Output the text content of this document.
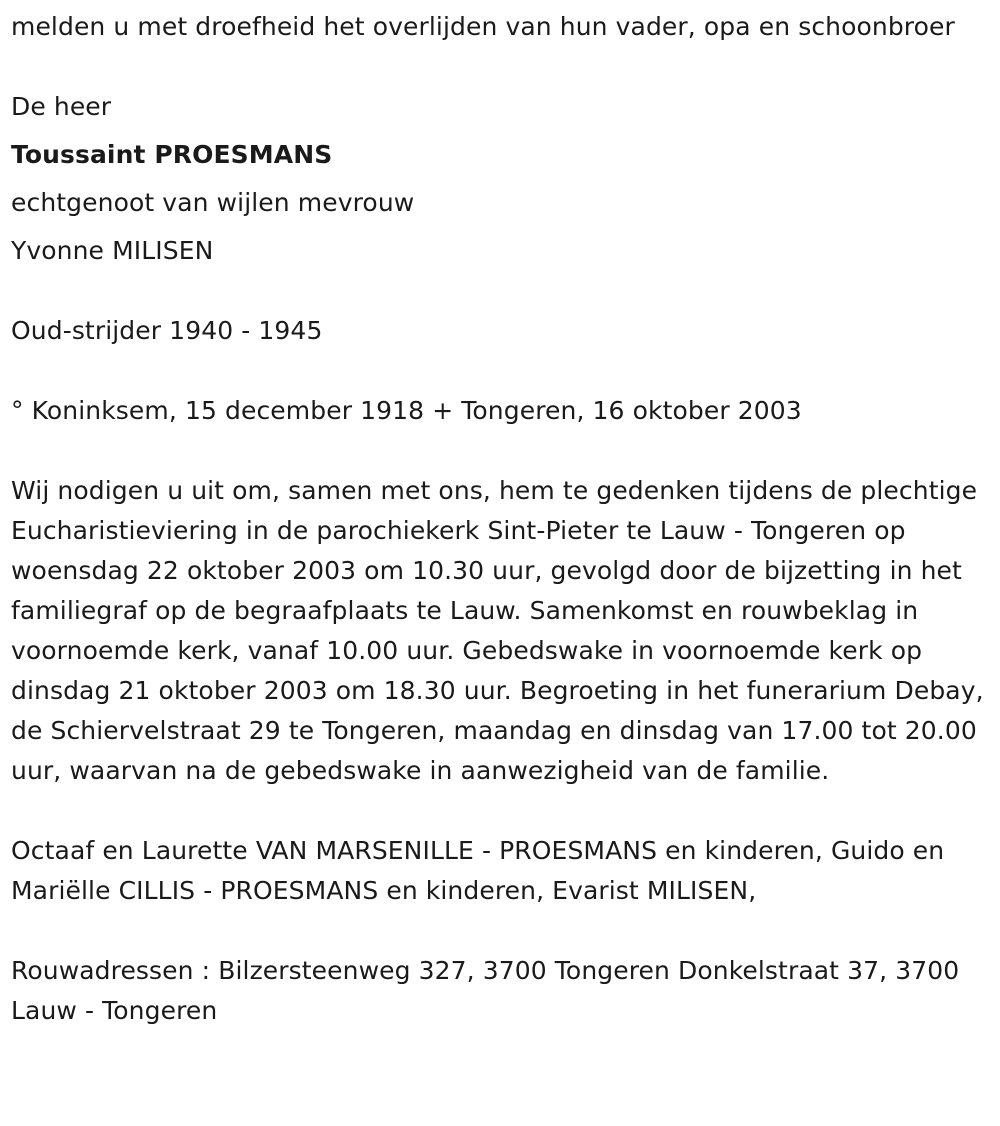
melden u met droefheid het overlijden van hun vader, opa en schoonbroer

De heer

Toussaint PROESMANS

echtgenoot van wijlen mevrouw

Yvonne MILISEN

Oud-strijder 1940 - 1945

° Koninksem, 15 december 1918 + Tongeren, 16 oktober 2003

Wij nodigen u uit om, samen met ons, hem te gedenken tijdens de plechtige Eucharistieviering in de parochiekerk Sint-Pieter te Lauw - Tongeren op woensdag 22 oktober 2003 om 10.30 uur, gevolgd door de bijzetting in het familiegraf op de begraafplaats te Lauw. Samenkomst en rouwbeklag in voornoemde kerk, vanaf 10.00 uur. Gebedswake in voornoemde kerk op dinsdag 21 oktober 2003 om 18.30 uur. Begroeting in het funerarium Debay, de Schiervelstraat 29 te Tongeren, maandag en dinsdag van 17.00 tot 20.00 uur, waarvan na de gebedswake in aanwezigheid van de familie.

Octaaf en Laurette VAN MARSENILLE - PROESMANS en kinderen, Guido en Mariëlle CILLIS - PROESMANS en kinderen, Evarist MILISEN,

Rouwadressen : Bilzersteenweg 327, 3700 Tongeren Donkelstraat 37, 3700 Lauw - Tongeren
